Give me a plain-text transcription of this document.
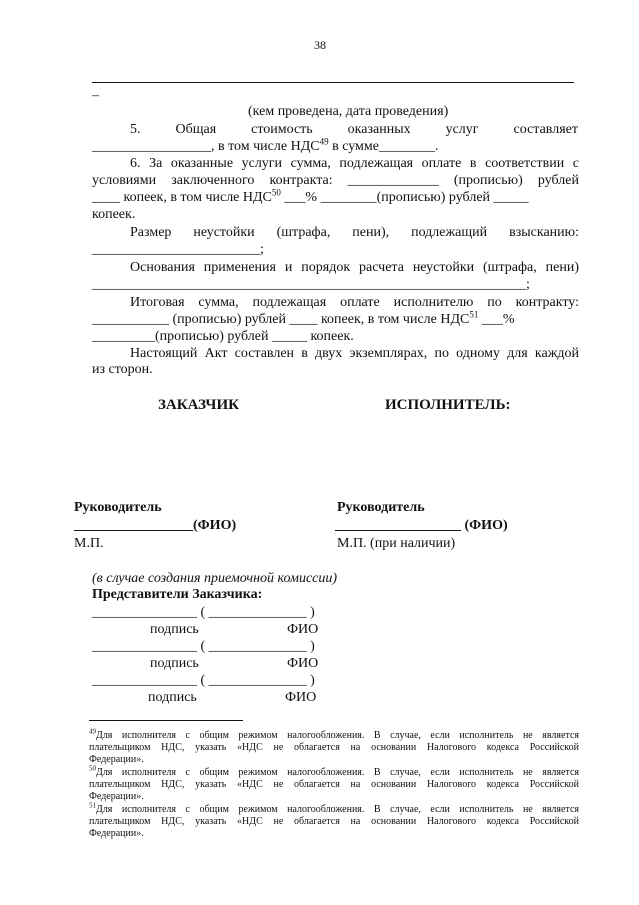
38
–
(кем проведена, дата проведения)
5. Общая стоимость оказанных услуг составляет
_________________, в том числе НДС$^{49}$ в сумме________.
6. За оказанные услуги сумма, подлежащая оплате в соответствии с
условиями заключенного контракта: _____________ (прописью) рублей
____ копеек, в том числе НДС$^{50}$ ___% ________(прописью) рублей _____
копеек.
Размер неустойки (штрафа, пени), подлежащий взысканию:
________________________;
Основания применения и порядок расчета неустойки (штрафа, пени)
______________________________________________________________;
Итоговая сумма, подлежащая оплате исполнителю по контракту:
___________ (прописью) рублей ____ копеек, в том числе НДС$^{51}$ ___%
_________(прописью) рублей _____ копеек.
Настоящий Акт составлен в двух экземплярах, по одному для каждой
из сторон.
ЗАКАЗЧИК	ИСПОЛНИТЕЛЬ:
Руководитель
_________________(ФИО)
М.П.
Руководитель
__________________ (ФИО)
М.П. (при наличии)
(в случае создания приемочной комиссии)
Представители Заказчика:
_______________ ( ______________ )
подпись	ФИО
_______________ ( ______________ )
подпись	ФИО
_______________ ( ______________ )
подпись	ФИО
$^{49}$Для исполнителя с общим режимом налогообложения. В случае, если исполнитель не является
плательщиком НДС, указать «НДС не облагается на основании Налогового кодекса Российской
Федерации».
$^{50}$Для исполнителя с общим режимом налогообложения. В случае, если исполнитель не является
плательщиком НДС, указать «НДС не облагается на основании Налогового кодекса Российской
Федерации».
$^{51}$Для исполнителя с общим режимом налогообложения. В случае, если исполнитель не является
плательщиком НДС, указать «НДС не облагается на основании Налогового кодекса Российской
Федерации».
